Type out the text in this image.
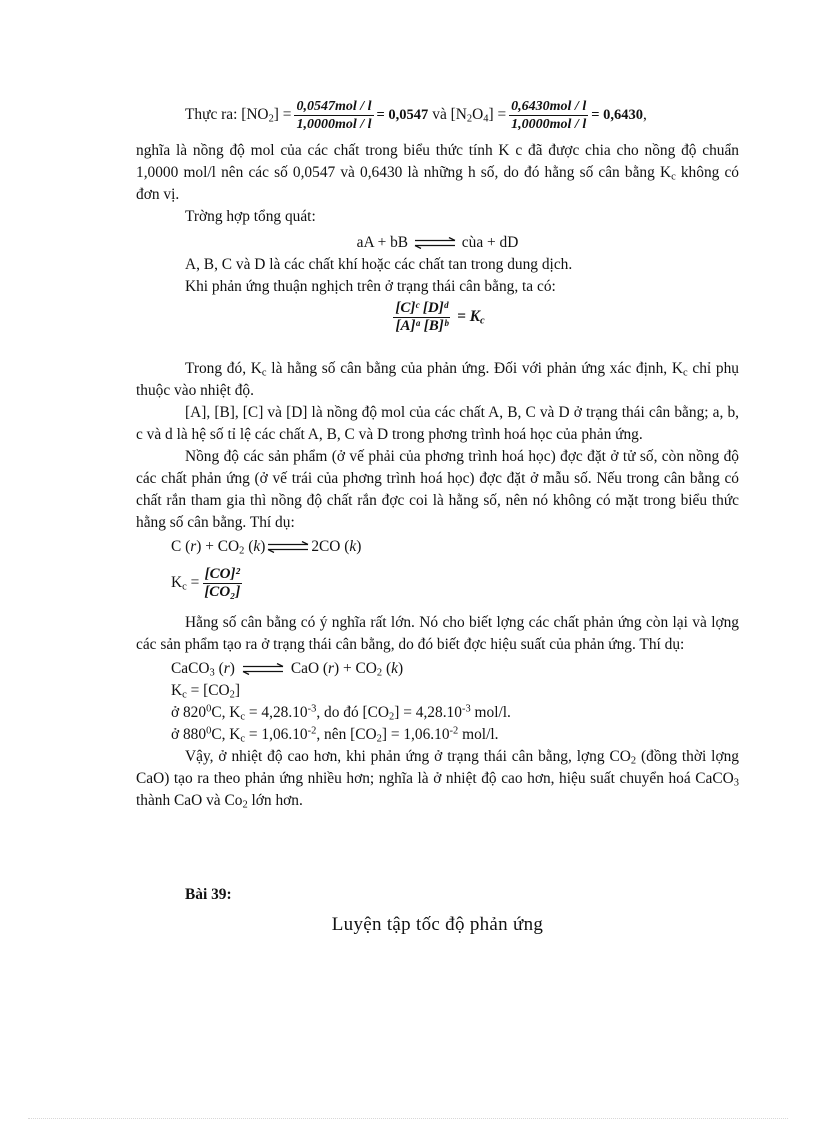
Thực ra: $[NO_2] = \frac{\text{0,0547mol / l}}{\text{1,0000mol / l}} = 0,0547$ và $[N_2O_4] = \frac{\text{0,6430mol / l}}{\text{1,0000mol / l}} = 0,6430$ ,

nghĩa là nồng độ mol của các chất trong biểu thức tính K c đã được chia cho nồng độ chuẩn 1,0000 mol/l nên các số 0,0547 và 0,6430 là những h số, do đó hằng số cân bằng $K_c$ không có đơn vị.

Trờng hợp tổng quát:

aA + bB ⇌ cùa + dD

A, B, C và D là các chất khí hoặc các chất tan trong dung dịch.

Khi phản ứng thuận nghịch trên ở trạng thái cân bằng, ta có:

$\frac{\text{[C]ᶜ [D]ᵈ}}{\text{[A]ᵃ [B]ᵇ}} = K_c$

Trong đó, $K_c$ là hằng số cân bằng của phản ứng. Đối với phản ứng xác định, $K_c$ chỉ phụ thuộc vào nhiệt độ.

[A], [B], [C] và [D] là nồng độ mol của các chất A, B, C và D ở trạng thái cân bằng; a, b, c và d là hệ số tỉ lệ các chất A, B, C và D trong phơng trình hoá học của phản ứng.

Nồng độ các sản phẩm (ở vế phải của phơng trình hoá học) đợc đặt ở tử số, còn nồng độ các chất phản ứng (ở vế trái của phơng trình hoá học) đợc đặt ở mẫu số. Nếu trong cân bằng có chất rắn tham gia thì nồng độ chất rắn đợc coi là hằng số, nên nó không có mặt trong biểu thức hằng số cân bằng. Thí dụ:

C $(r) + CO_2$ (k) ⇌ 2CO (k)

$K_c = \frac{\text{[CO]²}}{\text{[CO₂]}}$

Hằng số cân bằng có ý nghĩa rất lớn. Nó cho biết lợng các chất phản ứng còn lại và lợng các sản phẩm tạo ra ở trạng thái cân bằng, do đó biết đợc hiệu suất của phản ứng. Thí dụ:

CaCO$_3$ (r) ⇌ CaO $(r) + CO_2$ (k)

$K_c = [CO_2]$

ở $820^0C$, $K_c = 4,28.10^{-3}$, do đó $[CO_2] = 4,28.10^{-3}$ mol/l.

ở $880^0C$, $K_c = 1,06.10^{-2}$, nên $[CO_2] = 1,06.10^{-2}$ mol/l.

Vậy, ở nhiệt độ cao hơn, khi phản ứng ở trạng thái cân bằng, lợng $CO_2$ (đồng thời lợng CaO) tạo ra theo phản ứng nhiều hơn; nghĩa là ở nhiệt độ cao hơn, hiệu suất chuyển hoá CaCO$_3$ thành CaO và $Co_2$ lớn hơn.

Bài 39:

Luyện tập tốc độ phản ứng
